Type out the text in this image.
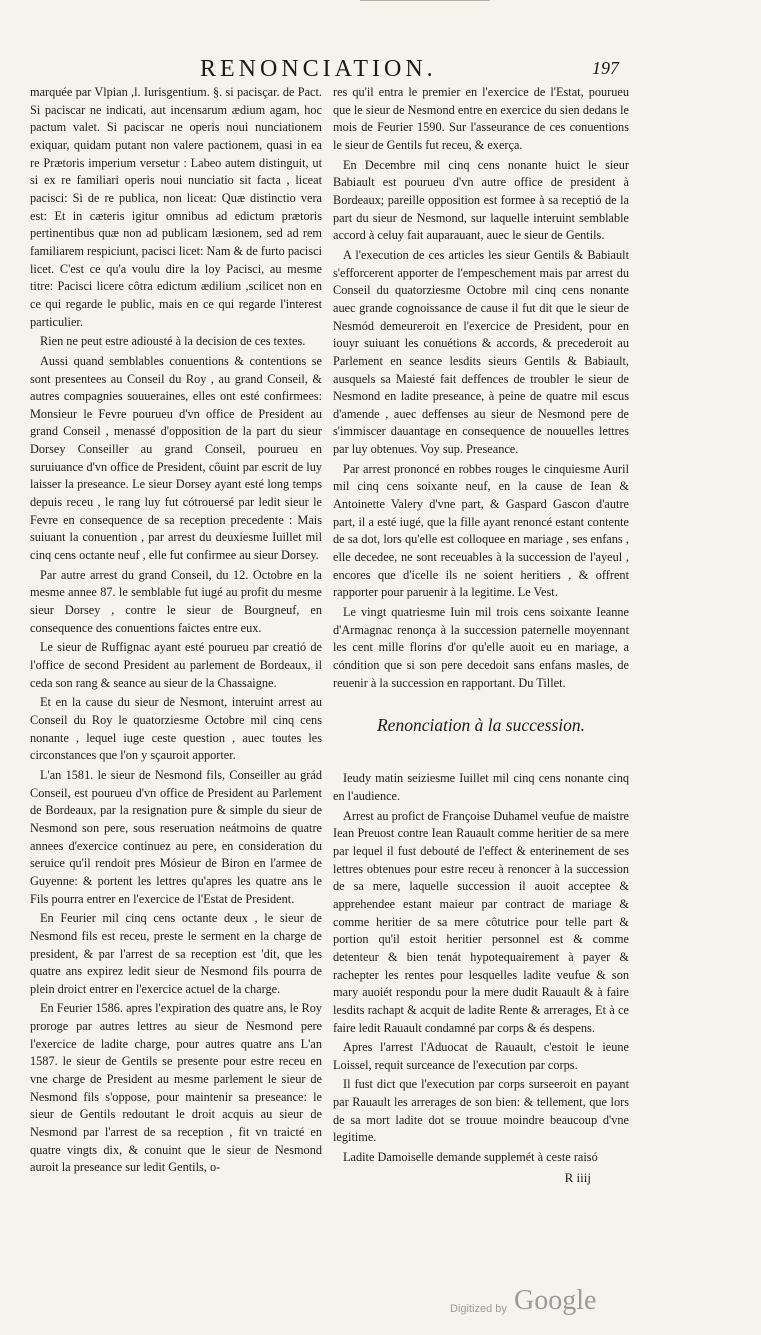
RENONCIATION.	197

marquée par Vlpian ,l. Iurisgentium. §. si pacisçar. de Pact. Si paciscar ne indicati, aut incensarum ædium agam, hoc pactum valet. Si paciscar ne operis noui nunciationem exiquar, quidam putant non valere pactionem, quasi in ea re Prætoris imperium versetur : Labeo autem distinguit, ut si ex re familiari operis noui nunciatio sit facta , liceat pacisci: Si de re publica, non liceat: Quæ distinctio vera est: Et in cæteris igitur omnibus ad edictum prætoris pertinentibus quæ non ad publicam læsionem, sed ad rem familiarem respiciunt, pacisci licet: Nam & de furto pacisci licet. C'est ce qu'a voulu dire la loy Pacisci, au mesme titre: Pacisci licere côtra edictum ædilium ,scilicet non en ce qui regarde le public, mais en ce qui regarde l'interest particulier.

Rien ne peut estre adiousté à la decision de ces textes.

Aussi quand semblables conuentions & contentions se sont presentees au Conseil du Roy , au grand Conseil, & autres compagnies souueraines, elles ont esté confirmees: Monsieur le Fevre pourueu d'vn office de President au grand Conseil , menassé d'opposition de la part du sieur Dorsey Conseiller au grand Conseil, pourueu en suruiuance d'vn office de President, côuint par escrit de luy laisser la preseance. Le sieur Dorsey ayant esté long temps depuis receu , le rang luy fut cótrouersé par ledit sieur le Fevre en consequence de sa reception precedente : Mais suiuant la conuention , par arrest du deuxiesme Iuillet mil cinq cens octante neuf , elle fut confirmee au sieur Dorsey.

Par autre arrest du grand Conseil, du 12. Octobre en la mesme annee 87. le semblable fut iugé au profit du mesme sieur Dorsey , contre le sieur de Bourgneuf, en consequence des conuentions faictes entre eux.

Le sieur de Ruffignac ayant esté pourueu par creatió de l'office de second President au parlement de Bordeaux, il ceda son rang & seance au sieur de la Chassaigne.

Et en la cause du sieur de Nesmont, interuint arrest au Conseil du Roy le quatorziesme Octobre mil cinq cens nonante , lequel iuge ceste question , auec toutes les circonstances que l'on y sçauroit apporter.

L'an 1581. le sieur de Nesmond fils, Conseiller au grád Conseil, est pourueu d'vn office de President au Parlement de Bordeaux, par la resignation pure & simple du sieur de Nesmond son pere, sous reseruation neátmoins de quatre annees d'exercice continuez au pere, en consideration du seruice qu'il rendoit pres Mósieur de Biron en l'armee de Guyenne: & portent les lettres qu'apres les quatre ans le Fils pourra entrer en l'exercice de l'Estat de President.

En Feurier mil cinq cens octante deux , le sieur de Nesmond fils est receu, preste le serment en la charge de president, & par l'arrest de sa reception est 'dit, que les quatre ans expirez ledit sieur de Nesmond fils pourra de plein droict entrer en l'exercice actuel de la charge.

En Feurier 1586. apres l'expiration des quatre ans, le Roy proroge par autres lettres au sieur de Nesmond pere l'exercice de ladite charge, pour autres quatre ans L'an 1587. le sieur de Gentils se presente pour estre receu en vne charge de President au mesme parlement le sieur de Nesmond fils s'oppose, pour maintenir sa preseance: le sieur de Gentils redoutant le droit acquis au sieur de Nesmond par l'arrest de sa reception , fit vn traicté en quatre vingts dix, & conuint que le sieur de Nesmond auroit la preseance sur ledit Gentils, o-

res qu'il entra le premier en l'exercice de l'Estat, pourueu que le sieur de Nesmond entre en exercice du sien dedans le mois de Feurier 1590. Sur l'asseurance de ces conuentions le sieur de Gentils fut receu, & exerça.

En Decembre mil cinq cens nonante huict le sieur Babiault est pourueu d'vn autre office de president à Bordeaux; pareille opposition est formee à sa receptió de la part du sieur de Nesmond, sur laquelle interuint semblable accord à celuy fait auparauant, auec le sieur de Gentils.

A l'execution de ces articles les sieur Gentils & Babiault s'efforcerent apporter de l'empeschement mais par arrest du Conseil du quatorziesme Octobre mil cinq cens nonante auec grande cognoissance de cause il fut dit que le sieur de Nesmód demeureroit en l'exercice de President, pour en iouyr suiuant les conuétions & accords, & precederoit au Parlement en seance lesdits sieurs Gentils & Babiault, ausquels sa Maiesté fait deffences de troubler le sieur de Nesmond en ladite preseance, à peine de quatre mil escus d'amende , auec deffenses au sieur de Nesmond pere de s'immiscer dauantage en consequence de nouuelles lettres par luy obtenues. Voy sup. Preseance.

Par arrest prononcé en robbes rouges le cinquiesme Auril mil cinq cens soixante neuf, en la cause de Iean & Antoinette Valery d'vne part, & Gaspard Gascon d'autre part, il a esté iugé, que la fille ayant renoncé estant contente de sa dot, lors qu'elle est colloquee en mariage , ses enfans , elle decedee, ne sont receuables à la succession de l'ayeul , encores que d'icelle ils ne soient heritiers , & offrent rapporter pour paruenir à la legitime. Le Vest.

Le vingt quatriesme Iuin mil trois cens soixante Ieanne d'Armagnac renonça à la succession paternelle moyennant les cent mille florins d'or qu'elle auoit eu en mariage, a cóndition que si son pere decedoit sans enfans masles, de reuenir à la succession en rapportant. Du Tillet.

Renonciation à la succession.

Ieudy matin seiziesme Iuillet mil cinq cens nonante cinq en l'audience.

Arrest au profict de Françoise Duhamel veufue de maistre Iean Preuost contre Iean Rauault comme heritier de sa mere par lequel il fust debouté de l'effect & enterinement de ses lettres obtenues pour estre receu à renoncer à la succession de sa mere, laquelle succession il auoit acceptee & apprehendee estant maieur par contract de mariage & comme heritier de sa mere côtutrice pour telle part & portion qu'il estoit heritier personnel est & comme detenteur & bien tenát hypotequairement à payer & rachepter les rentes pour lesquelles ladite veufue & son mary auoiét respondu pour la mere dudit Rauault & à faire lesdits rachapt & acquit de ladite Rente & arrerages, Et à ce faire ledit Rauault condamné par corps & és despens.

Apres l'arrest l'Aduocat de Rauault, c'estoit le ieune Loissel, requit surceance de l'execution par corps.

Il fust dict que l'execution par corps surseeroit en payant par Rauault les arrerages de son bien: & tellement, que lors de sa mort ladite dot se trouue moindre beaucoup d'vne legitime.

Ladite Damoiselle demande supplemét à ceste raisó

R iiij
Digitized by Google
